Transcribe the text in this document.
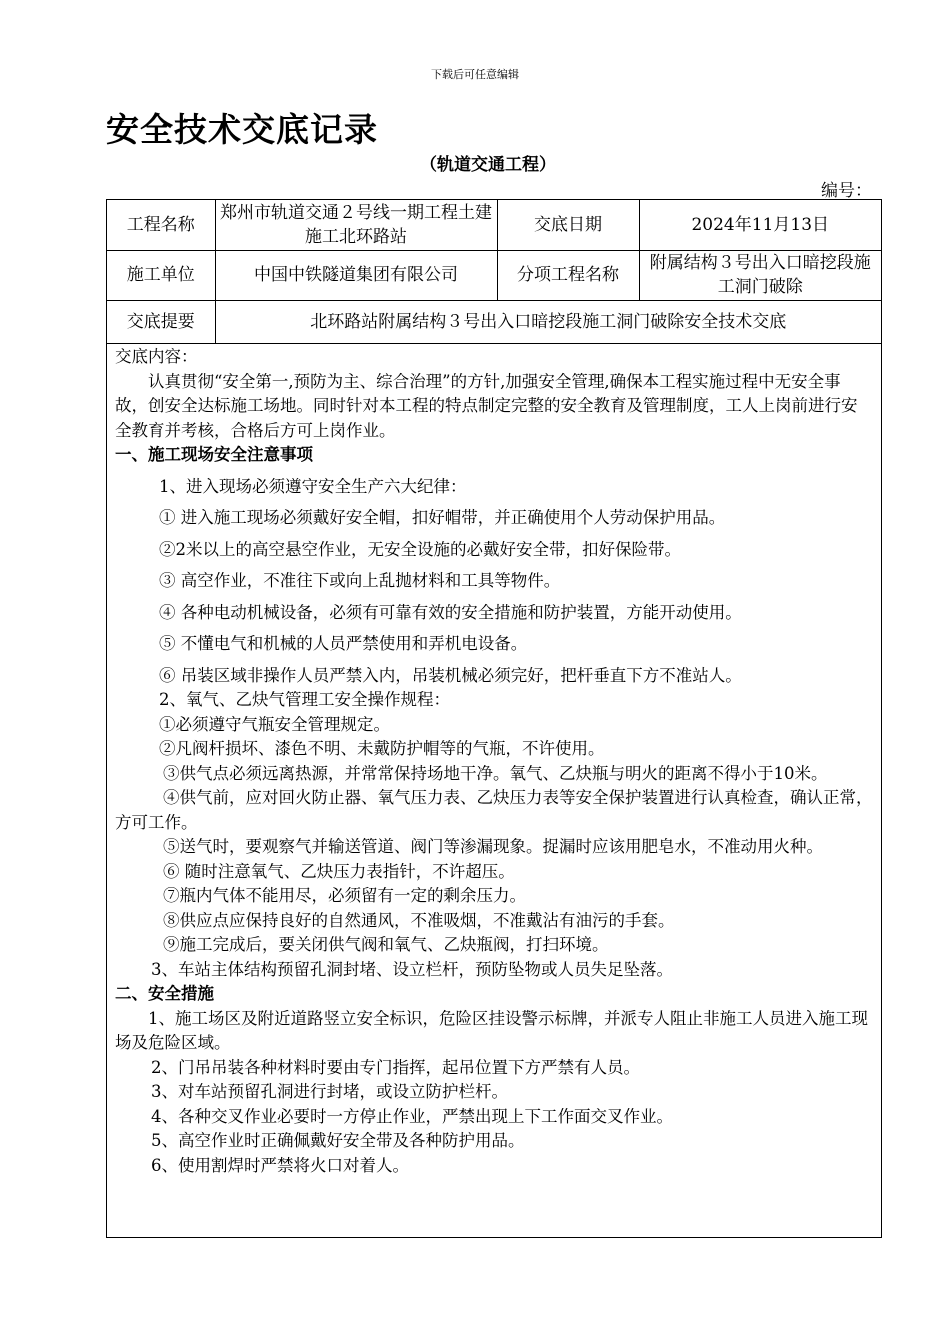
下载后可任意编辑
安全技术交底记录
（轨道交通工程）
编号：
工程名称	郑州市轨道交通２号线一期工程土建施工北环路站	交底日期	2024年11月13日
施工单位	中国中铁隧道集团有限公司	分项工程名称	附属结构３号出入口暗挖段施工洞门破除
交底提要	北环路站附属结构３号出入口暗挖段施工洞门破除安全技术交底		

交底内容：

认真贯彻“安全第一,预防为主、综合治理”的方针,加强安全管理,确保本工程实施过程中无安全事故，创安全达标施工场地。同时针对本工程的特点制定完整的安全教育及管理制度，工人上岗前进行安全教育并考核，合格后方可上岗作业。

一、施工现场安全注意事项

1、进入现场必须遵守安全生产六大纪律：

① 进入施工现场必须戴好安全帽，扣好帽带，并正确使用个人劳动保护用品。

②2米以上的高空悬空作业，无安全设施的必戴好安全带，扣好保险带。

③ 高空作业，不准往下或向上乱抛材料和工具等物件。

④ 各种电动机械设备，必须有可靠有效的安全措施和防护装置，方能开动使用。

⑤ 不懂电气和机械的人员严禁使用和弄机电设备。

⑥ 吊装区域非操作人员严禁入内，吊装机械必须完好，把杆垂直下方不准站人。

2、氧气、乙炔气管理工安全操作规程：

①必须遵守气瓶安全管理规定。

②凡阀杆损坏、漆色不明、未戴防护帽等的气瓶，不许使用。

③供气点必须远离热源，并常常保持场地干净。氧气、乙炔瓶与明火的距离不得小于10米。

④供气前，应对回火防止器、氧气压力表、乙炔压力表等安全保护装置进行认真检查，确认正常，方可工作。

⑤送气时，要观察气并输送管道、阀门等渗漏现象。捉漏时应该用肥皂水，不准动用火种。

⑥ 随时注意氧气、乙炔压力表指针，不许超压。

⑦瓶内气体不能用尽，必须留有一定的剩余压力。

⑧供应点应保持良好的自然通风，不准吸烟，不准戴沾有油污的手套。

⑨施工完成后，要关闭供气阀和氧气、乙炔瓶阀，打扫环境。

3、车站主体结构预留孔洞封堵、设立栏杆，预防坠物或人员失足坠落。

二、安全措施

1、施工场区及附近道路竖立安全标识，危险区挂设警示标牌，并派专人阻止非施工人员进入施工现场及危险区域。

2、门吊吊装各种材料时要由专门指挥，起吊位置下方严禁有人员。

3、对车站预留孔洞进行封堵，或设立防护栏杆。

4、各种交叉作业必要时一方停止作业，严禁出现上下工作面交叉作业。

5、高空作业时正确佩戴好安全带及各种防护用品。

6、使用割焊时严禁将火口对着人。
